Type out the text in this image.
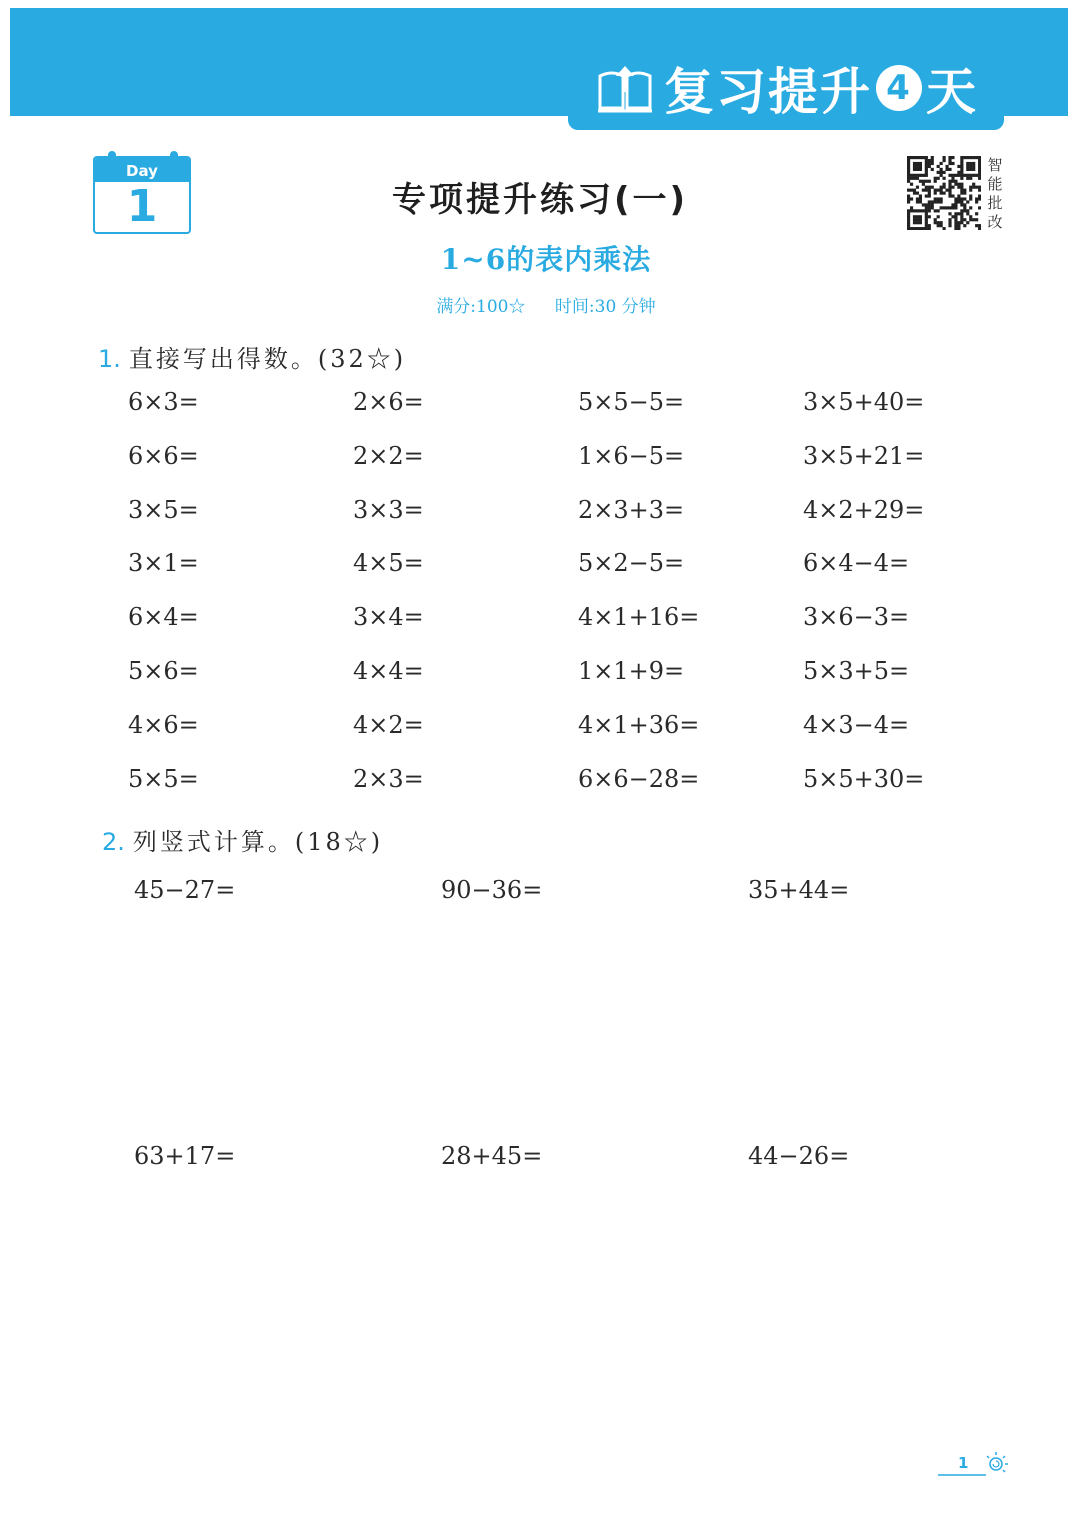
复习提升 4 天
Day
1	专项提升练习(一)
1~6的表内乘法
满分:100☆ 时间:30 分钟
智
能
批
改
1. 直接写出得数。(32☆)
6×3=	2×6=	5×5−5=	3×5+40=
6×6=	2×2=	1×6−5=	3×5+21=
3×5=	3×3=	2×3+3=	4×2+29=
3×1=	4×5=	5×2−5=	6×4−4=
6×4=	3×4=	4×1+16=	3×6−3=
5×6=	4×4=	1×1+9=	5×3+5=
4×6=	4×2=	4×1+36=	4×3−4=
5×5=	2×3=	6×6−28=	5×5+30=
2. 列竖式计算。(18☆)
45−27=	90−36=	35+44=
63+17=	28+45=	44−26=
1
